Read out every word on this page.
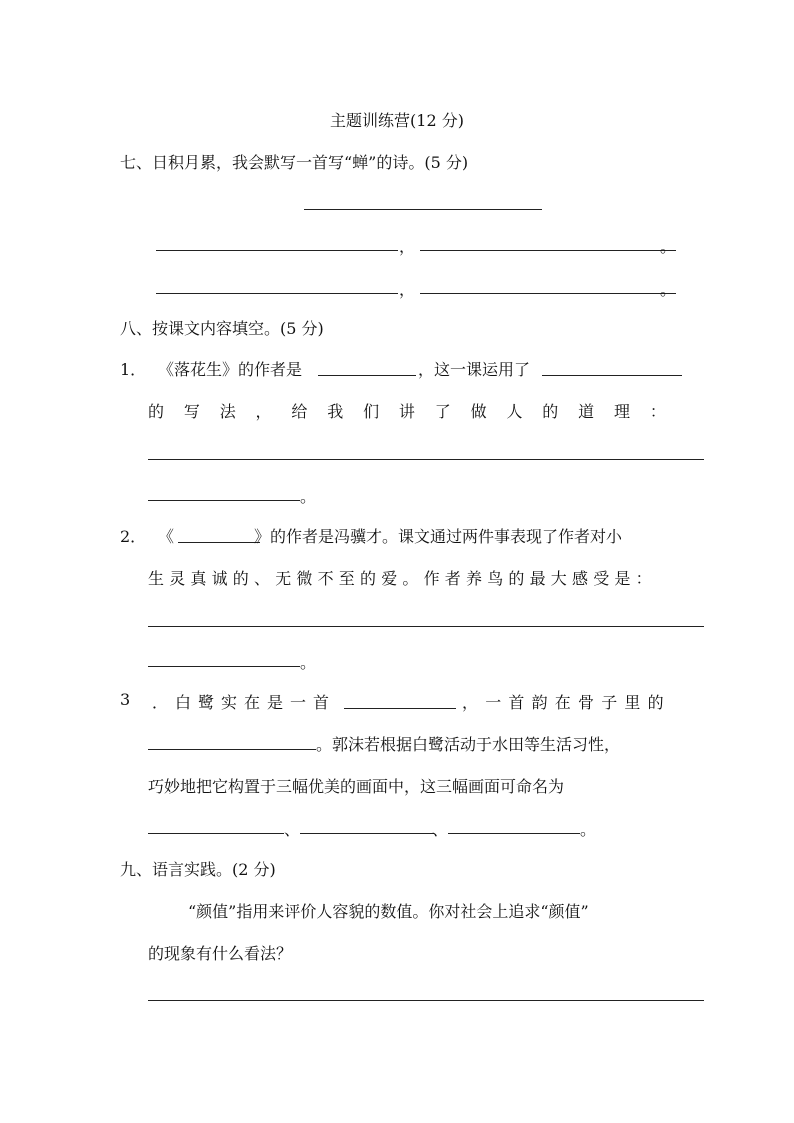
主题训练营(12 分)
七、日积月累，我会默写一首写“蝉”的诗。(5 分)
，	。
，	。
八、按课文内容填空。(5 分)
1． 《落花生》的作者是	，这一课运用了
的 写 法 ， 给 我 们 讲 了 做 人 的 道 理 ：
。
2． 《	》的作者是冯骥才。课文通过两件事表现了作者对小
生灵真诚的、无微不至的爱。作者养鸟的最大感受是：
。
3 ．白鹭实在是一首	，一首韵在骨子里的
。郭沫若根据白鹭活动于水田等生活习性，
巧妙地把它构置于三幅优美的画面中，这三幅画面可命名为
、	、	。
九、语言实践。(2 分)
“颜值”指用来评价人容貌的数值。你对社会上追求“颜值”
的现象有什么看法？
